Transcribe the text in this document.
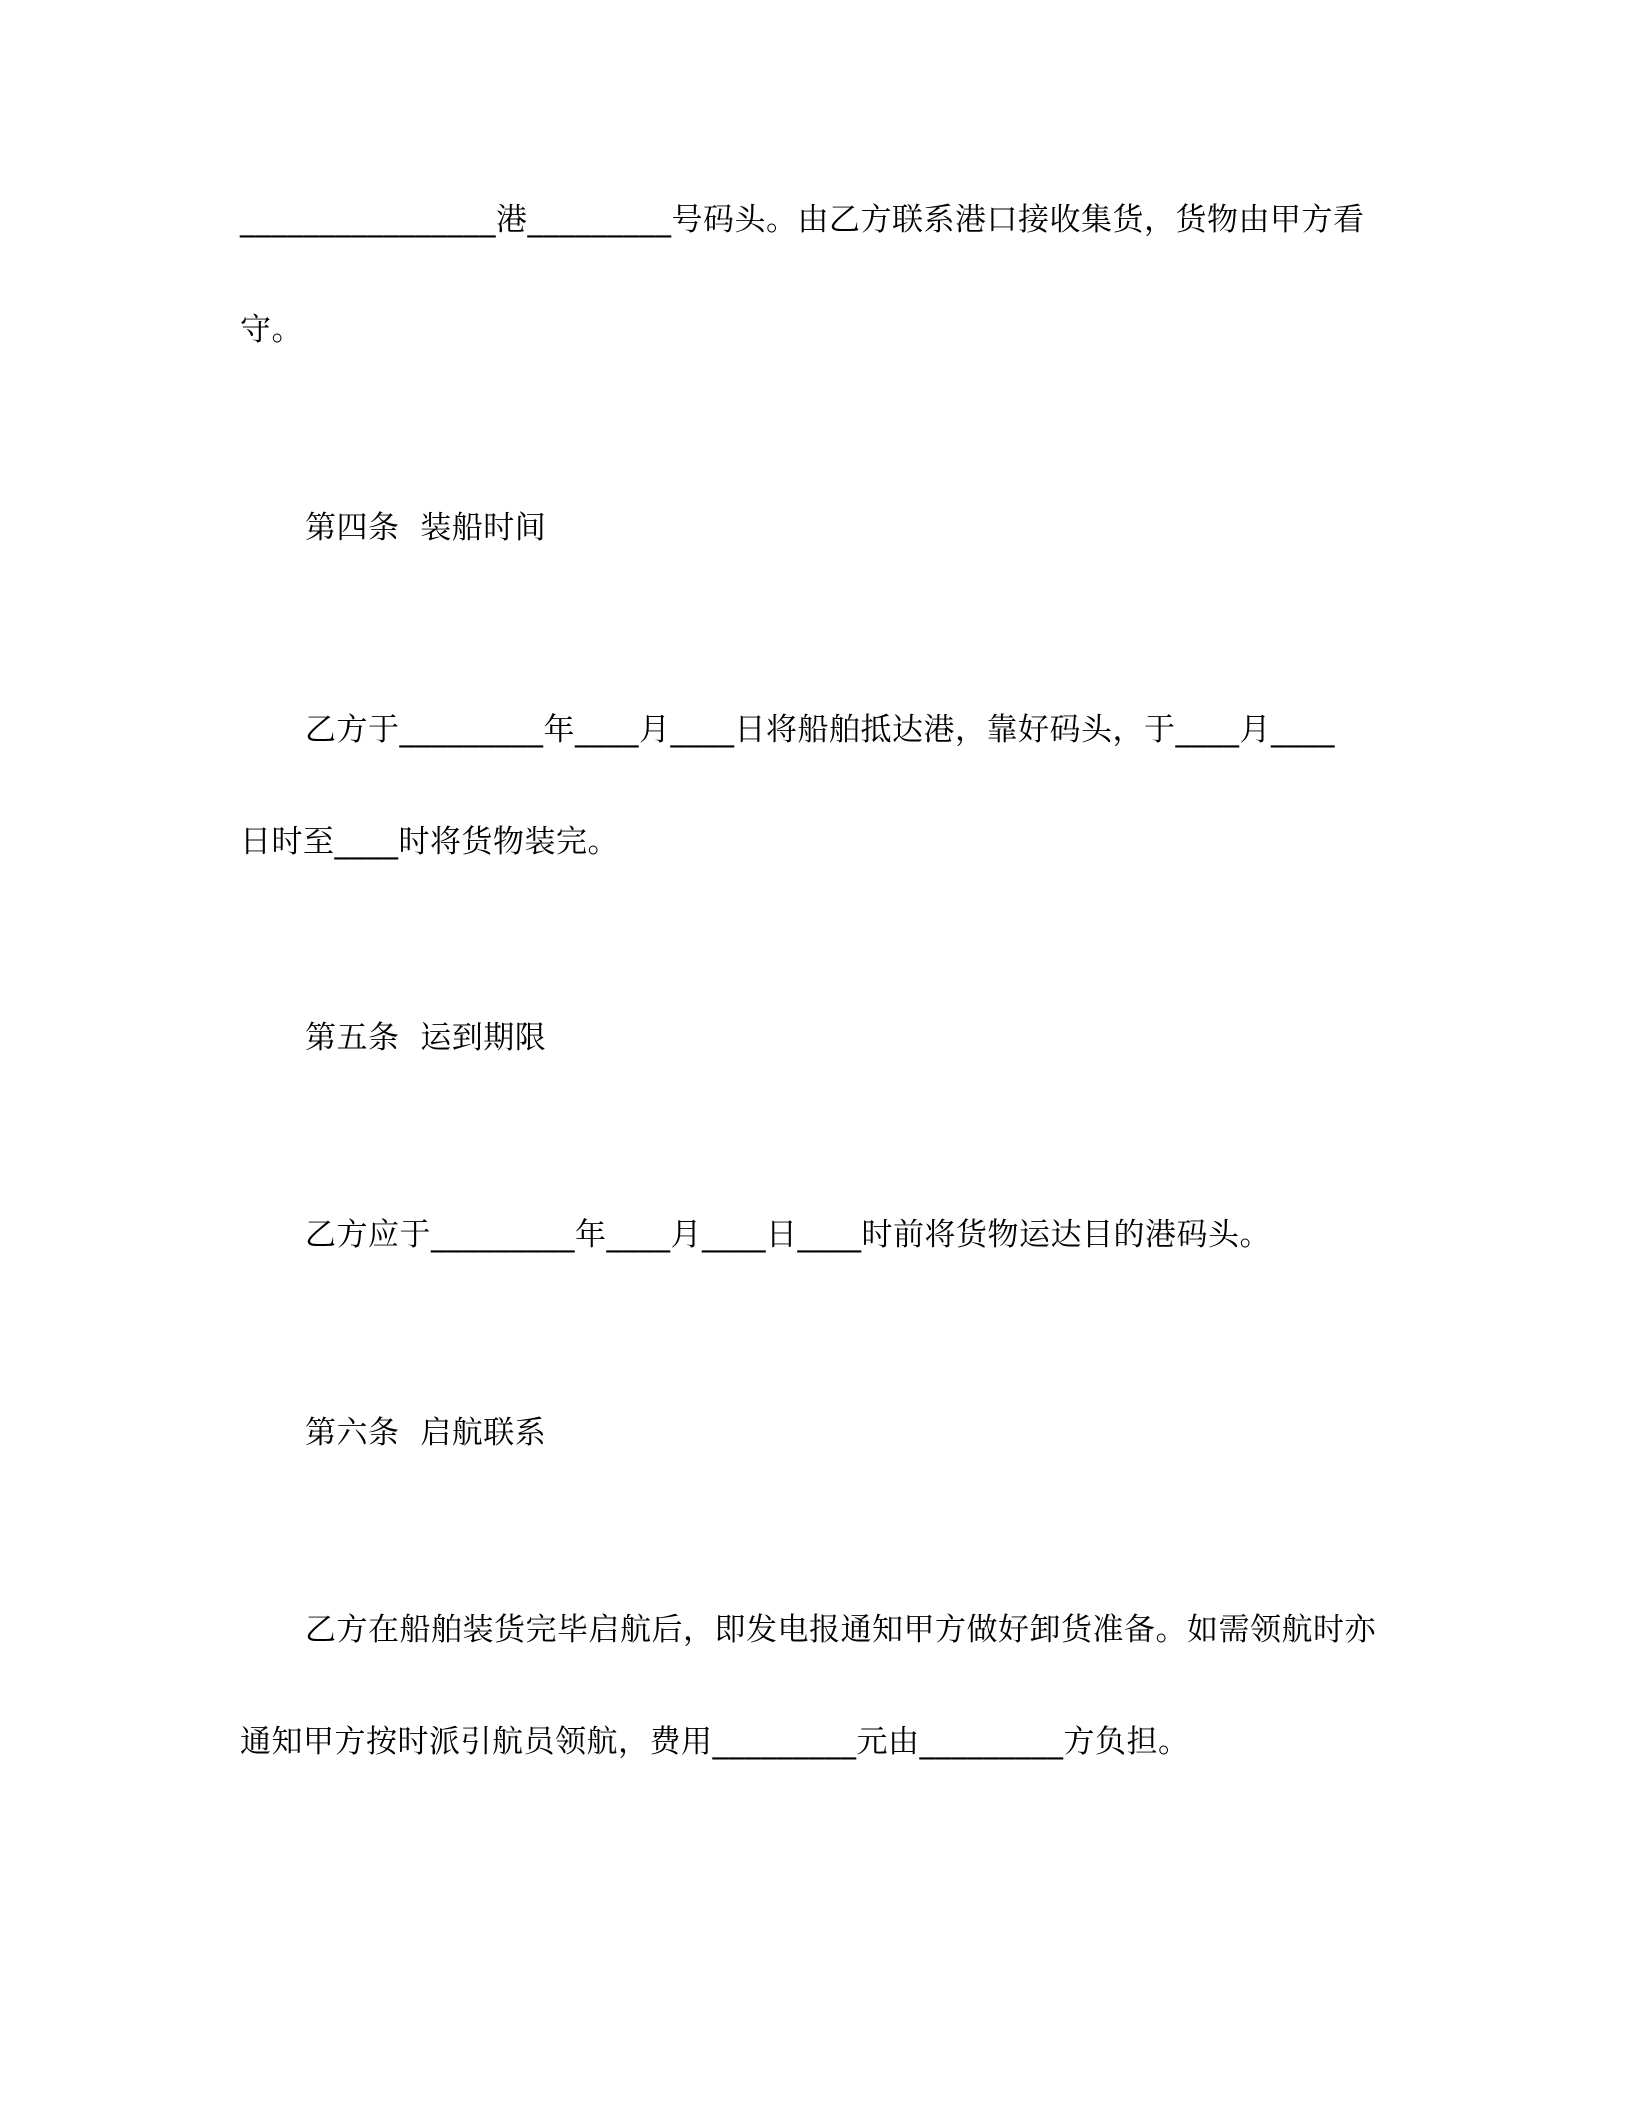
________________港_________号码头。由乙方联系港口接收集货，货物由甲方看
守。
第四条  装船时间
乙方于_________年____月____日将船舶抵达港，靠好码头，于____月____
日时至____时将货物装完。
第五条  运到期限
乙方应于_________年____月____日____时前将货物运达目的港码头。
第六条  启航联系
乙方在船舶装货完毕启航后，即发电报通知甲方做好卸货准备。如需领航时亦
通知甲方按时派引航员领航，费用_________元由_________方负担。
